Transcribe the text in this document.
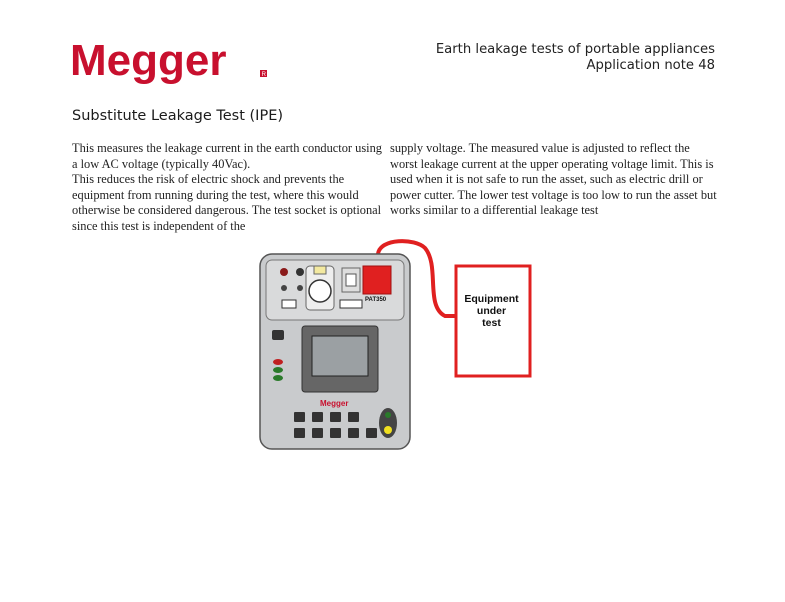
Megger	R
Earth leakage tests of portable appliances
Application note 48
Substitute Leakage Test (IPE)

This measures the leakage current in the earth conductor using a low AC voltage (typically 40Vac).

This reduces the risk of electric shock and prevents the equipment from running during the test, where this would otherwise be considered dangerous. The test socket is optional since this test is independent of the

supply voltage. The measured value is adjusted to reflect the worst leakage current at the upper operating voltage limit. This is used when it is not safe to run the asset, such as electric drill or power cutter. The lower test voltage is too low to run the asset but works similar to a differential leakage test

PAT350
Megger
Equipment
under
test
